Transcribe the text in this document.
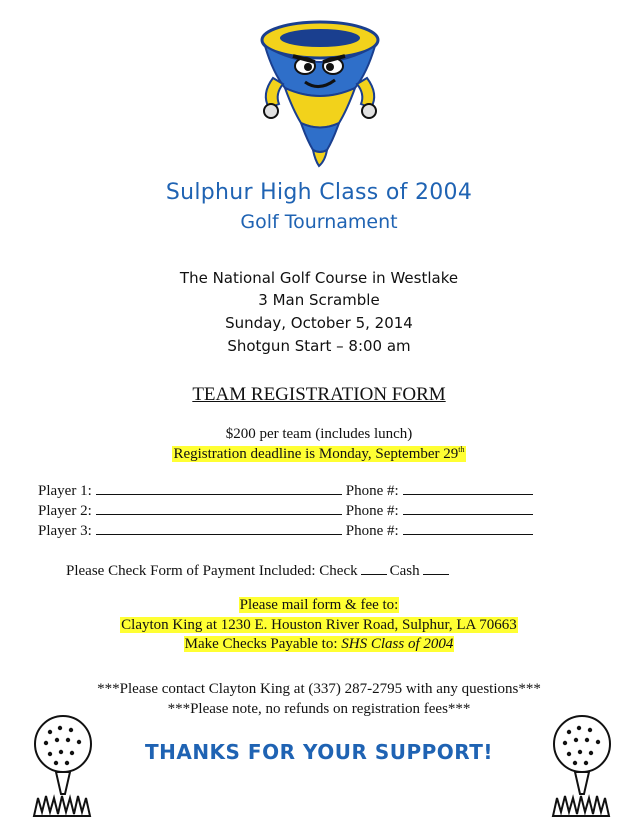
Sulphur High Class of 2004
Golf Tournament
The National Golf Course in Westlake
3 Man Scramble
Sunday, October 5, 2014
Shotgun Start – 8:00 am
TEAM REGISTRATION FORM
$200 per team (includes lunch)
Registration deadline is Monday, September 29th
Player 1:	Phone #:
Player 2:	Phone #:
Player 3:	Phone #:
Please Check Form of Payment Included: Check Cash
Please mail form & fee to:
Clayton King at 1230 E. Houston River Road, Sulphur, LA 70663
Make Checks Payable to: SHS Class of 2004
***Please contact Clayton King at (337) 287-2795 with any questions***
***Please note, no refunds on registration fees***
THANKS FOR YOUR SUPPORT!
